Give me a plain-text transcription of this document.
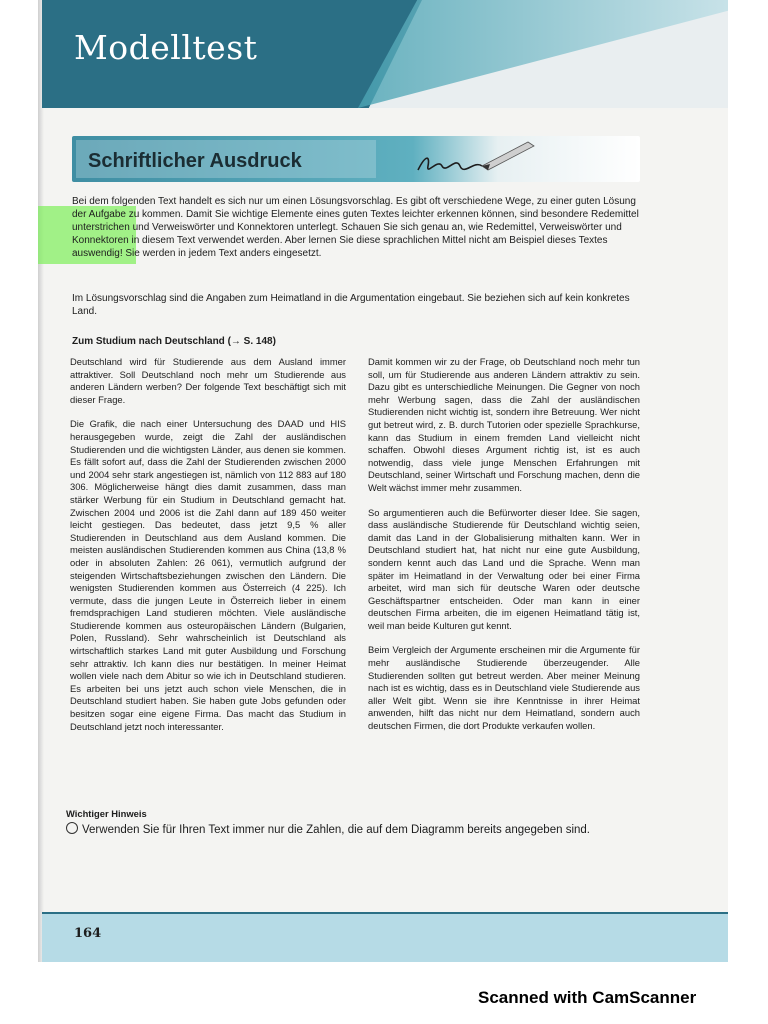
Modelltest
Schriftlicher Ausdruck
Bei dem folgenden Text handelt es sich nur um einen Lösungsvorschlag. Es gibt oft verschiedene Wege, zu einer guten Lösung der Aufgabe zu kommen. Damit Sie wichtige Elemente eines guten Textes leichter erkennen können, sind besondere Redemittel unterstrichen und Verweiswörter und Konnektoren unterlegt. Schauen Sie sich genau an, wie Redemittel, Verweiswörter und Konnektoren in diesem Text verwendet werden. Aber lernen Sie diese sprachlichen Mittel nicht am Beispiel dieses Textes auswendig! Sie werden in jedem Text anders eingesetzt.
Im Lösungsvorschlag sind die Angaben zum Heimatland in die Argumentation eingebaut. Sie beziehen sich auf kein konkretes Land.
Zum Studium nach Deutschland (→ S. 148)

Deutschland wird für Studierende aus dem Ausland immer attraktiver. Soll Deutschland noch mehr um Studierende aus anderen Ländern werben? Der folgende Text beschäftigt sich mit dieser Frage.

Die Grafik, die nach einer Untersuchung des DAAD und HIS herausgegeben wurde, zeigt die Zahl der ausländischen Studierenden und die wichtigsten Länder, aus denen sie kommen. Es fällt sofort auf, dass die Zahl der Studierenden zwischen 2000 und 2004 sehr stark angestiegen ist, nämlich von 112 883 auf 180 306. Möglicherweise hängt dies damit zusammen, dass man stärker Werbung für ein Studium in Deutschland gemacht hat. Zwischen 2004 und 2006 ist die Zahl dann auf 189 450 weiter leicht gestiegen. Das bedeutet, dass jetzt 9,5 % aller Studierenden in Deutschland aus dem Ausland kommen. Die meisten ausländischen Studierenden kommen aus China (13,8 % oder in absoluten Zahlen: 26 061), vermutlich aufgrund der steigenden Wirtschaftsbeziehungen zwischen den Ländern. Die wenigsten Studierenden kommen aus Österreich (4 225). Ich vermute, dass die jungen Leute in Österreich lieber in einem fremdsprachigen Land studieren möchten. Viele ausländische Studierende kommen aus osteuropäischen Ländern (Bulgarien, Polen, Russland). Sehr wahrscheinlich ist Deutschland als wirtschaftlich starkes Land mit guter Ausbildung und Forschung sehr attraktiv. Ich kann dies nur bestätigen. In meiner Heimat wollen viele nach dem Abitur so wie ich in Deutschland studieren. Es arbeiten bei uns jetzt auch schon viele Menschen, die in Deutschland studiert haben. Sie haben gute Jobs gefunden oder besitzen sogar eine eigene Firma. Das macht das Studium in Deutschland jetzt noch interessanter.

Damit kommen wir zu der Frage, ob Deutschland noch mehr tun soll, um für Studierende aus anderen Ländern attraktiv zu sein. Dazu gibt es unterschiedliche Meinungen. Die Gegner von noch mehr Werbung sagen, dass die Zahl der ausländischen Studierenden nicht wichtig ist, sondern ihre Betreuung. Wer nicht gut betreut wird, z. B. durch Tutorien oder spezielle Sprachkurse, kann das Studium in einem fremden Land vielleicht nicht schaffen. Obwohl dieses Argument richtig ist, ist es auch notwendig, dass viele junge Menschen Erfahrungen mit Deutschland, seiner Wirtschaft und Forschung machen, denn die Welt wächst immer mehr zusammen.

So argumentieren auch die Befürworter dieser Idee. Sie sagen, dass ausländische Studierende für Deutschland wichtig seien, damit das Land in der Globalisierung mithalten kann. Wer in Deutschland studiert hat, hat nicht nur eine gute Ausbildung, sondern kennt auch das Land und die Sprache. Wenn man später im Heimatland in der Verwaltung oder bei einer Firma arbeitet, wird man sich für deutsche Waren oder deutsche Geschäftspartner entscheiden. Oder man kann in einer deutschen Firma arbeiten, die im eigenen Heimatland tätig ist, weil man beide Kulturen gut kennt.

Beim Vergleich der Argumente erscheinen mir die Argumente für mehr ausländische Studierende überzeugender. Alle Studierenden sollten gut betreut werden. Aber meiner Meinung nach ist es wichtig, dass es in Deutschland viele Studierende aus aller Welt gibt. Wenn sie ihre Kenntnisse in ihrer Heimat anwenden, hilft das nicht nur dem Heimatland, sondern auch deutschen Firmen, die dort Produkte verkaufen wollen.

Wichtiger Hinweis
Verwenden Sie für Ihren Text immer nur die Zahlen, die auf dem Diagramm bereits angegeben sind.
164
Scanned with CamScanner
